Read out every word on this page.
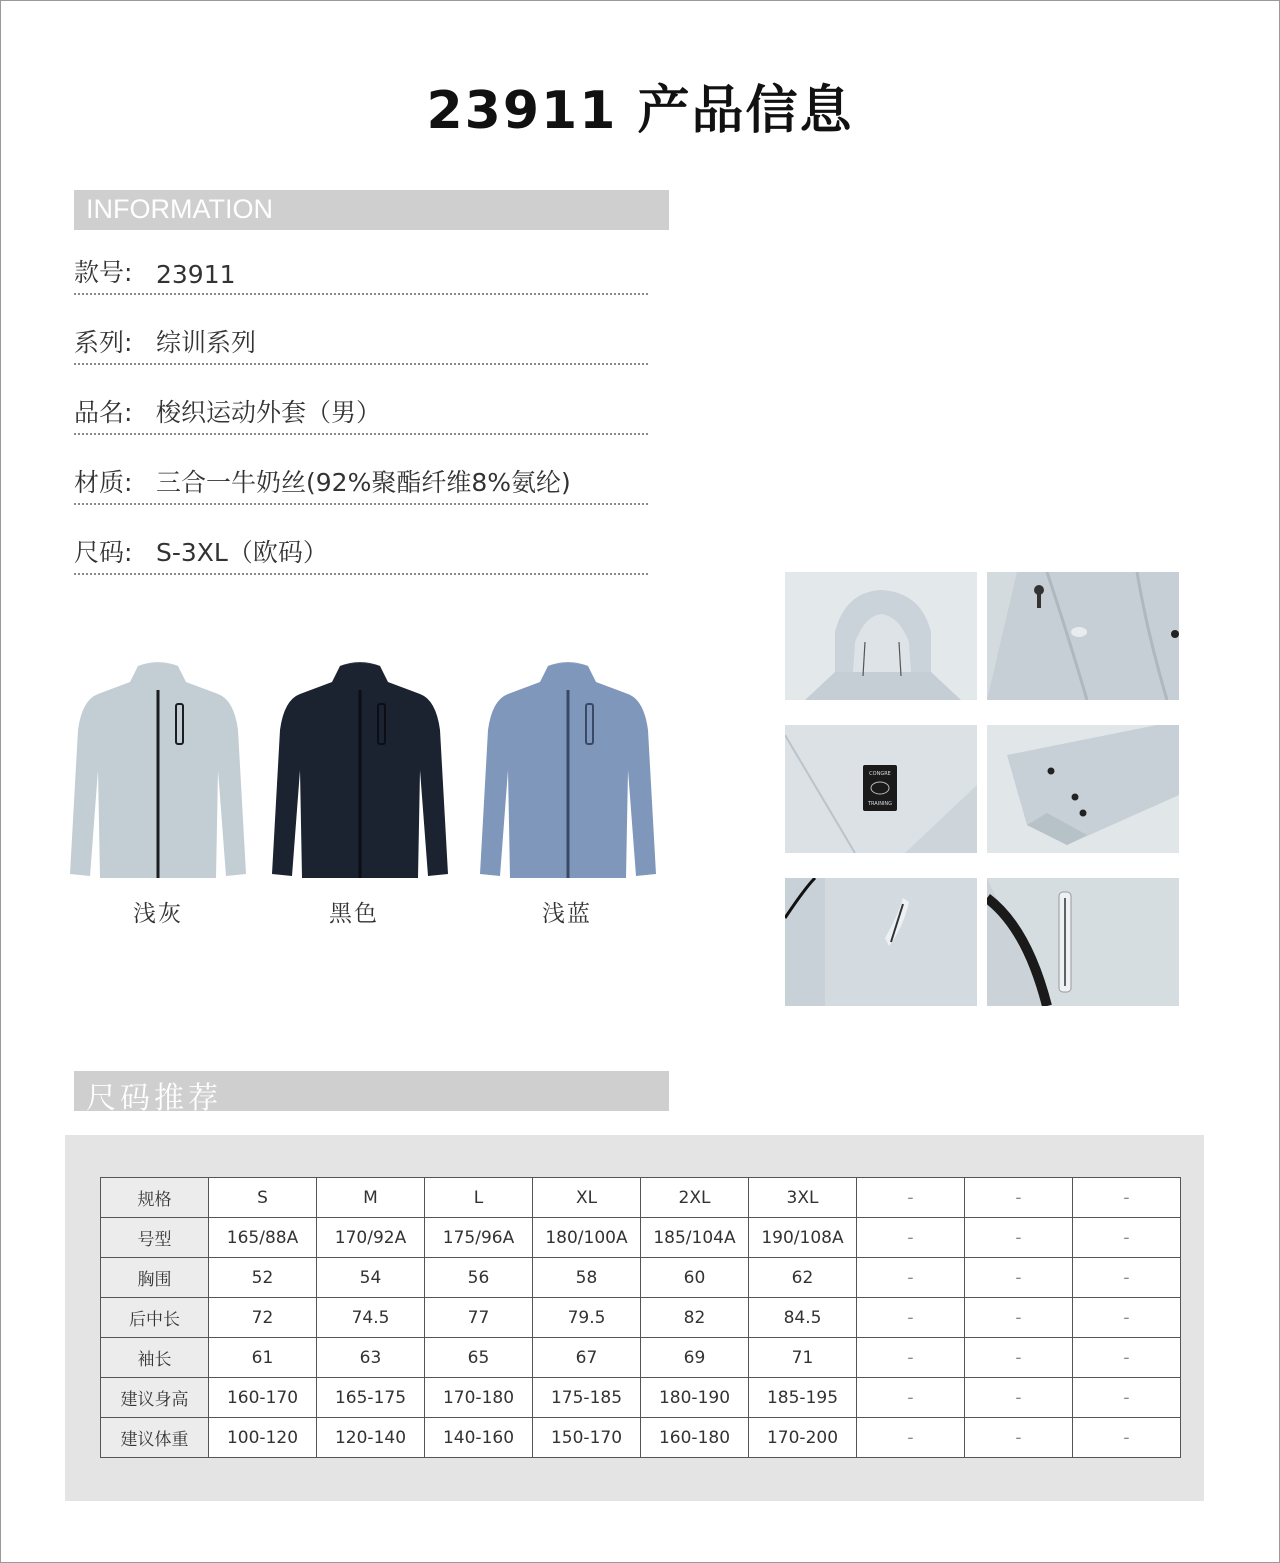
23911 产品信息
INFORMATION
款号: 23911
系列: 综训系列
品名: 梭织运动外套（男）
材质: 三合一牛奶丝(92%聚酯纤维8%氨纶)
尺码: S-3XL（欧码）
浅灰	黑色	浅蓝
CONGRE
TRAINING
尺码推荐
规格	S	M	L	XL	2XL	3XL	-	-	-
号型	165/88A	170/92A	175/96A	180/100A	185/104A	190/108A	-	-	-
胸围	52	54	56	58	60	62	-	-	-
后中长	72	74.5	77	79.5	82	84.5	-	-	-
袖长	61	63	65	67	69	71	-	-	-
建议身高	160-170	165-175	170-180	175-185	180-190	185-195	-	-	-
建议体重	100-120	120-140	140-160	150-170	160-180	170-200	-	-	-
